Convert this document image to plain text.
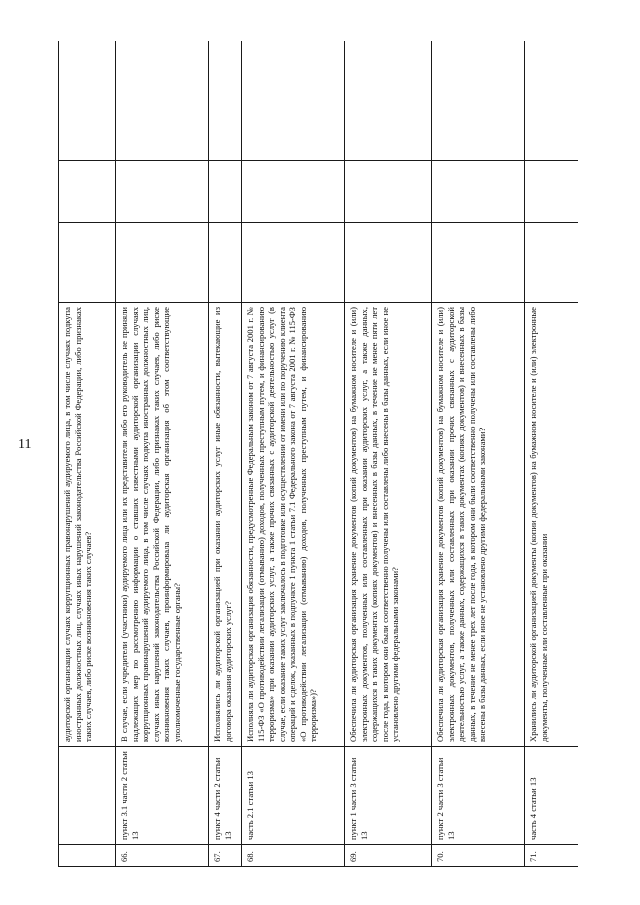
11
			аудиторской организации случаях коррупционных правонарушений аудируемого лица, в том числе случаях подкупа иностранных должностных лиц, случаях иных нарушений законодательства Российской Федерации, либо признаках таких случаев, либо риске возникновения таких случаев?			
66.	пункт 3.1 части 2 статьи 13	В случае, если учредители (участники) аудируемого лица или их представители либо его руководитель не приняли надлежащих мер по рассмотрению информации о ставших известными аудиторской организации случаях коррупционных правонарушений аудируемого лица, в том числе случаях подкупа иностранных должностных лиц, случаях иных нарушений законодательства Российской Федерации, либо признаках таких случаев, либо риске возникновения таких случаев, проинформировала ли аудиторская организация об этом соответствующие уполномоченные государственные органы?			
67.	пункт 4 части 2 статьи 13	Исполнялись ли аудиторской организацией при оказании аудиторских услуг иные обязанности, вытекающие из договора оказания аудиторских услуг?			
68.	часть 2.1 статьи 13	Исполняла ли аудиторская организация обязанности, предусмотренные Федеральным законом от 7 августа 2001 г. № 115-ФЗ «О противодействии легализации (отмыванию) доходов, полученных преступным путем, и финансированию терроризма» при оказании аудиторских услуг, а также прочих связанных с аудиторской деятельностью услуг (в случае, если оказание таких услуг заключалось в подготовке или осуществлении от имени или по поручению клиента операций и сделок, указанных в подпункте 1 пункта 1 статьи 7.1 Федерального закона от 7 августа 2001 г. № 115-ФЗ «О противодействии легализации (отмыванию) доходов, полученных преступным путем, и финансированию терроризма»)?			
69.	пункт 1 части 3 статьи 13	Обеспечила ли аудиторская организация хранение документов (копий документов) на бумажном носителе и (или) электронных документов, полученных или составленных при оказании аудиторских услуг, а также данных, содержащихся в таких документах (копиях документов) и внесенных в базы данных, в течение не менее пяти лет после года, в котором они были соответственно получены или составлены либо внесены в базы данных, если иное не установлено другими федеральными законами?			
70.	пункт 2 части 3 статьи 13	Обеспечила ли аудиторская организация хранение документов (копий документов) на бумажном носителе и (или) электронных документов, полученных или составленных при оказании прочих связанных с аудиторской деятельностью услуг, а также данных, содержащихся в таких документах (копиях документов) и внесенных в базы данных, в течение не менее трех лет после года, в котором они были соответственно получены или составлены либо внесены в базы данных, если иное не установлено другими федеральными законами?			
71.	часть 4 статьи 13	Хранились ли аудиторской организацией документы (копии документов) на бумажном носителе и (или) электронные документы, полученные или составленные при оказании			
